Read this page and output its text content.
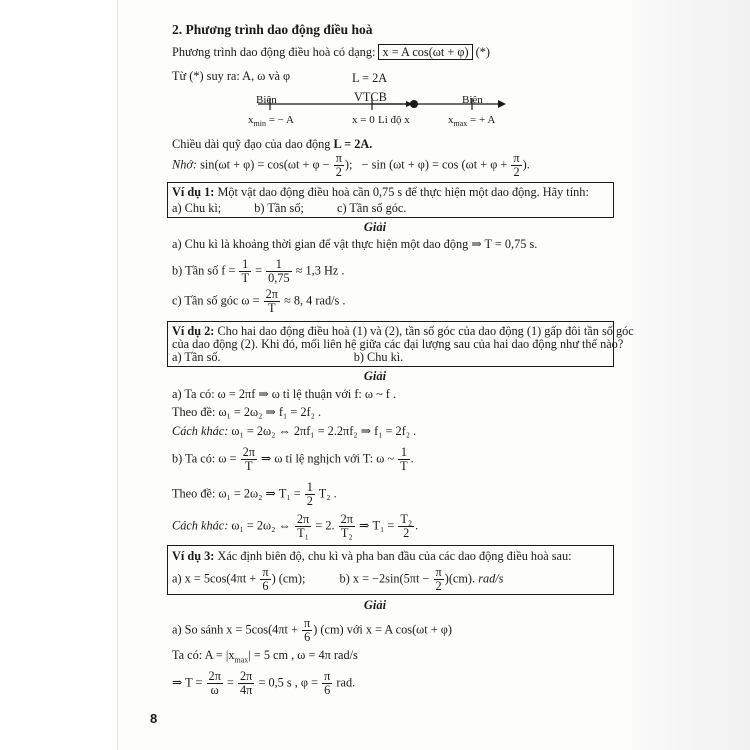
2. Phương trình dao động điều hoà
Phương trình dao động điều hoà có dạng: x = A cos(ωt + φ) (*)
Từ (*) suy ra: A, ω và φ	L = 2A
Biên	VTCB	Biên
$x_{min}$ = − A	x = 0 Li độ x	$x_{max}$ = + A
Chiều dài quỹ đạo của dao động L = 2A.
Nhớ: $\sin(\omega t + \varphi) = \cos(\omega t + \varphi - \frac{\pi}{2}$ ); − $\sin (\omega t + \varphi) = \cos (\omega t + \varphi + \frac{\pi}{2}$ ).
Ví dụ 1: Một vật dao động điều hoà cần 0,75 s để thực hiện một dao động. Hãy tính:
a) Chu kì;	b) Tần số;	c) Tần số góc.
Giải
a) Chu kì là khoảng thời gian để vật thực hiện một dao động ⇒ T = 0,75 s.
b) Tần số $f = \frac{1}{T} = \frac{1}{0,75} \approx 1,3$ Hz .
c) Tần số góc $\omega = \frac{2\pi}{T} \approx 8$, 4 rad/s .
Ví dụ 2: Cho hai dao động điều hoà (1) và (2), tần số góc của dao động (1) gấp đôi tần số góc
của dao động (2). Khi đó, mối liên hệ giữa các đại lượng sau của hai dao động như thế nào?
a) Tần số.	b) Chu kì.
Giải
a) Ta có: ω = 2πf ⇒ ω tỉ lệ thuận với f: ω ~ f .
Theo đề: ω₁ = 2ω₂ ⇒ f₁ = 2f₂ .
Cách khác: ω₁ = 2ω₂ ⇔ 2πf₁ = 2.2πf₂ ⇒ f₁ = 2f₂ .
b) Ta có: $\omega = \frac{2\pi}{T}$ ⇒ ω tỉ lệ nghịch với T: ω ~ $\frac{1}{T}$ .
Theo đề: ω₁ = 2ω₂ ⇒ $T_1 = \frac{1}{2} T_2$ .
Cách khác: ω₁ = 2ω₂ ⇔ $\frac{2\pi}{\text{T₁}} = 2$. $\frac{2\pi}{\text{T₂}}$ ⇒ $T_1 = \frac{\text{T₂}}{2}$ .
Ví dụ 3: Xác định biên độ, chu kì và pha ban đầu của các dao động điều hoà sau:
a) $x = 5\cos(4\pi t + \frac{\pi}{6}$ ) (cm);	b) $x = -2\sin(5\pi t - \frac{\pi}{2} )(cm)$. rad/s
Giải
a) So sánh $x = 5\cos(4\pi t + \frac{\pi}{6}$ ) (cm) với x = A cos(ωt + φ)
Ta có: $A = |x_{max}| = 5$ cm , ω = 4π rad/s
⇒ $T = \frac{2\pi}{\omega} = \frac{2\pi}{4\pi} = 0,5$ s , $\varphi = \frac{\pi}{6}$ rad.
8
